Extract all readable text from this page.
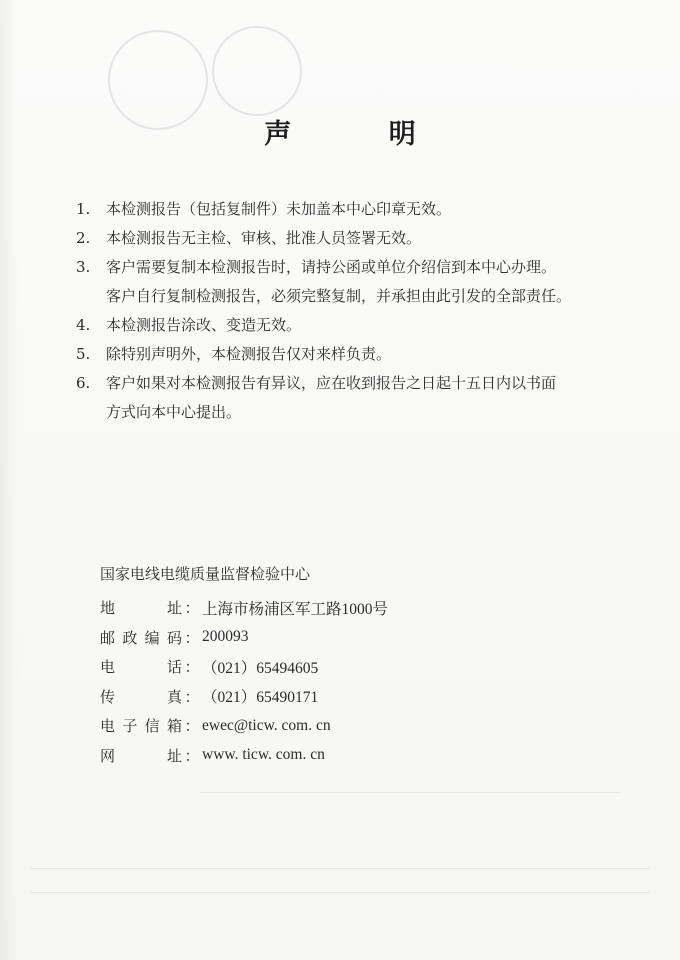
声 明
1. 本检测报告（包括复制件）未加盖本中心印章无效。
2. 本检测报告无主检、审核、批准人员签署无效。
3. 客户需要复制本检测报告时，请持公函或单位介绍信到本中心办理。
客户自行复制检测报告，必须完整复制，并承担由此引发的全部责任。
4. 本检测报告涂改、变造无效。
5. 除特别声明外，本检测报告仅对来样负责。
6. 客户如果对本检测报告有异议，应在收到报告之日起十五日内以书面
方式向本中心提出。
国家电线电缆质量监督检验中心
地	址 ： 上海市杨浦区军工路1000号
邮 政 编 码 ： 200093
电	话 ： （021）65494605
传	真 ： （021）65490171
电 子 信 箱 ： ewec@ticw. com. cn
网	址 ： www. ticw. com. cn
